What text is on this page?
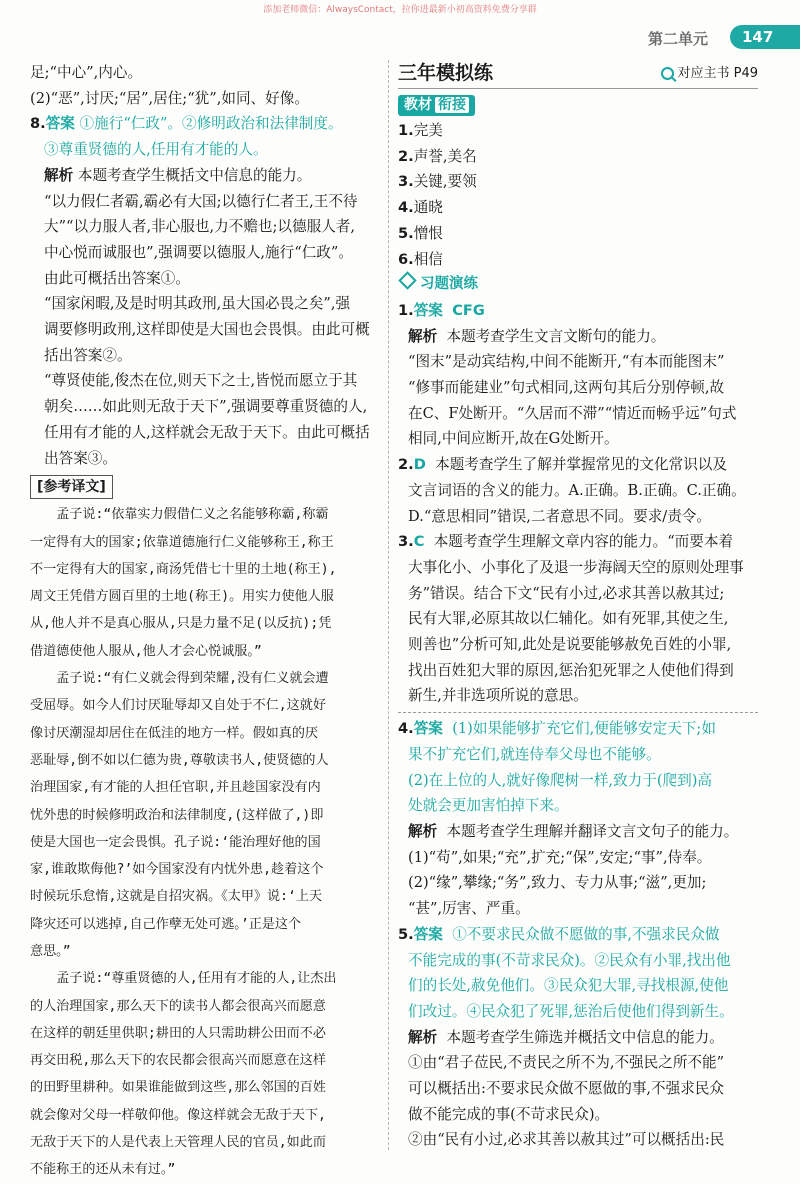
添加老师微信：AlwaysContact，拉你进最新小初高资料免费分享群
第二单元	147

足;“中心”,内心。

(2)“恶”,讨厌;“居”,居住;“犹”,如同、好像。

8.答案 ①施行“仁政”。②修明政治和法律制度。

③尊重贤德的人,任用有才能的人。

解析 本题考查学生概括文中信息的能力。

“以力假仁者霸,霸必有大国;以德行仁者王,王不待

大”“以力服人者,非心服也,力不赡也;以德服人者,

中心悦而诚服也”,强调要以德服人,施行“仁政”。

由此可概括出答案①。

“国家闲暇,及是时明其政刑,虽大国必畏之矣”,强

调要修明政刑,这样即使是大国也会畏惧。由此可概

括出答案②。

“尊贤使能,俊杰在位,则天下之士,皆悦而愿立于其

朝矣……如此则无敌于天下”,强调要尊重贤德的人,

任用有才能的人,这样就会无敌于天下。由此可概括

出答案③。

[参考译文]

孟子说:“依靠实力假借仁义之名能够称霸,称霸
一定得有大的国家;依靠道德施行仁义能够称王,称王
不一定得有大的国家,商汤凭借七十里的土地(称王),
周文王凭借方圆百里的土地(称王)。用实力使他人服
从,他人并不是真心服从,只是力量不足(以反抗);凭
借道德使他人服从,他人才会心悦诚服。”

孟子说:“有仁义就会得到荣耀,没有仁义就会遭
受屈辱。如今人们讨厌耻辱却又自处于不仁,这就好
像讨厌潮湿却居住在低洼的地方一样。假如真的厌
恶耻辱,倒不如以仁德为贵,尊敬读书人,使贤德的人
治理国家,有才能的人担任官职,并且趁国家没有内
忧外患的时候修明政治和法律制度,(这样做了,)即
使是大国也一定会畏惧。孔子说:‘能治理好他的国
家,谁敢欺侮他?’如今国家没有内忧外患,趁着这个
时候玩乐怠惰,这就是自招灾祸。《太甲》说:‘上天
降灾还可以逃掉,自己作孽无处可逃。’正是这个
意思。”

孟子说:“尊重贤德的人,任用有才能的人,让杰出
的人治理国家,那么天下的读书人都会很高兴而愿意
在这样的朝廷里供职;耕田的人只需助耕公田而不必
再交田税,那么天下的农民都会很高兴而愿意在这样
的田野里耕种。如果谁能做到这些,那么邻国的百姓
就会像对父母一样敬仰他。像这样就会无敌于天下,
无敌于天下的人是代表上天管理人民的官员,如此而
不能称王的还从未有过。”

三年模拟练	对应主书 P49
教材 衔接

1.完美

2.声誉,美名

3.关键,要领

4.通晓

5.憎恨

6.相信

习题演练

1.答案 CFG

解析 本题考查学生文言文断句的能力。

“图末”是动宾结构,中间不能断开,“有本而能图末”

“修事而能建业”句式相同,这两句其后分别停顿,故

在C、F处断开。“久居而不滞”“情近而畅乎远”句式

相同,中间应断开,故在G处断开。

2.D 本题考查学生了解并掌握常见的文化常识以及

文言词语的含义的能力。A.正确。B.正确。C.正确。

D.“意思相同”错误,二者意思不同。要求/责令。

3.C 本题考查学生理解文章内容的能力。“而要本着

大事化小、小事化了及退一步海阔天空的原则处理事

务”错误。结合下文“民有小过,必求其善以赦其过;

民有大罪,必原其故以仁辅化。如有死罪,其使之生,

则善也”分析可知,此处是说要能够赦免百姓的小罪,

找出百姓犯大罪的原因,惩治犯死罪之人使他们得到

新生,并非选项所说的意思。

4.答案 (1)如果能够扩充它们,便能够安定天下;如

果不扩充它们,就连侍奉父母也不能够。

(2)在上位的人,就好像爬树一样,致力于(爬到)高

处就会更加害怕掉下来。

解析 本题考查学生理解并翻译文言文句子的能力。

(1)“苟”,如果;“充”,扩充;“保”,安定;“事”,侍奉。

(2)“缘”,攀缘;“务”,致力、专力从事;“滋”,更加;

“甚”,厉害、严重。

5.答案 ①不要求民众做不愿做的事,不强求民众做

不能完成的事(不苛求民众)。②民众有小罪,找出他

们的长处,赦免他们。③民众犯大罪,寻找根源,使他

们改过。④民众犯了死罪,惩治后使他们得到新生。

解析 本题考查学生筛选并概括文中信息的能力。

①由“君子莅民,不责民之所不为,不强民之所不能”

可以概括出:不要求民众做不愿做的事,不强求民众

做不能完成的事(不苛求民众)。

②由“民有小过,必求其善以赦其过”可以概括出:民
